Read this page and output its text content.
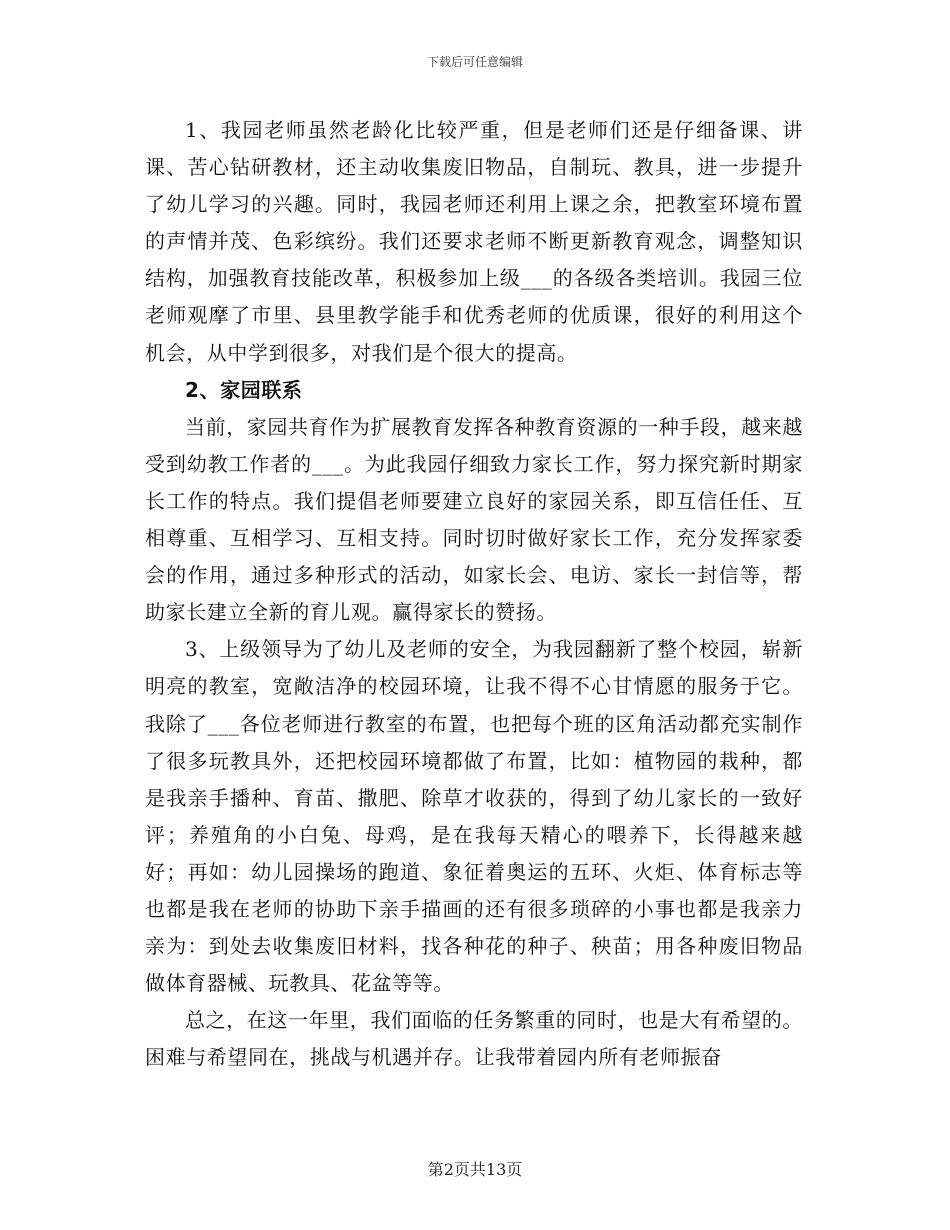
下载后可任意编辑

1、我园老师虽然老龄化比较严重，但是老师们还是仔细备课、讲课、苦心钻研教材，还主动收集废旧物品，自制玩、教具，进一步提升了幼儿学习的兴趣。同时，我园老师还利用上课之余，把教室环境布置的声情并茂、色彩缤纷。我们还要求老师不断更新教育观念，调整知识结构，加强教育技能改革，积极参加上级___的各级各类培训。我园三位老师观摩了市里、县里教学能手和优秀老师的优质课，很好的利用这个机会，从中学到很多，对我们是个很大的提高。

2、家园联系

当前，家园共育作为扩展教育发挥各种教育资源的一种手段，越来越受到幼教工作者的___。为此我园仔细致力家长工作，努力探究新时期家长工作的特点。我们提倡老师要建立良好的家园关系，即互信任任、互相尊重、互相学习、互相支持。同时切时做好家长工作，充分发挥家委会的作用，通过多种形式的活动，如家长会、电访、家长一封信等，帮助家长建立全新的育儿观。赢得家长的赞扬。

3、上级领导为了幼儿及老师的安全，为我园翻新了整个校园，崭新明亮的教室，宽敞洁净的校园环境，让我不得不心甘情愿的服务于它。我除了___各位老师进行教室的布置，也把每个班的区角活动都充实制作了很多玩教具外，还把校园环境都做了布置，比如：植物园的栽种，都是我亲手播种、育苗、撒肥、除草才收获的，得到了幼儿家长的一致好评；养殖角的小白兔、母鸡，是在我每天精心的喂养下，长得越来越好；再如：幼儿园操场的跑道、象征着奥运的五环、火炬、体育标志等也都是我在老师的协助下亲手描画的还有很多琐碎的小事也都是我亲力亲为：到处去收集废旧材料，找各种花的种子、秧苗；用各种废旧物品做体育器械、玩教具、花盆等等。

总之，在这一年里，我们面临的任务繁重的同时，也是大有希望的。困难与希望同在，挑战与机遇并存。让我带着园内所有老师振奋

第2页共13页
